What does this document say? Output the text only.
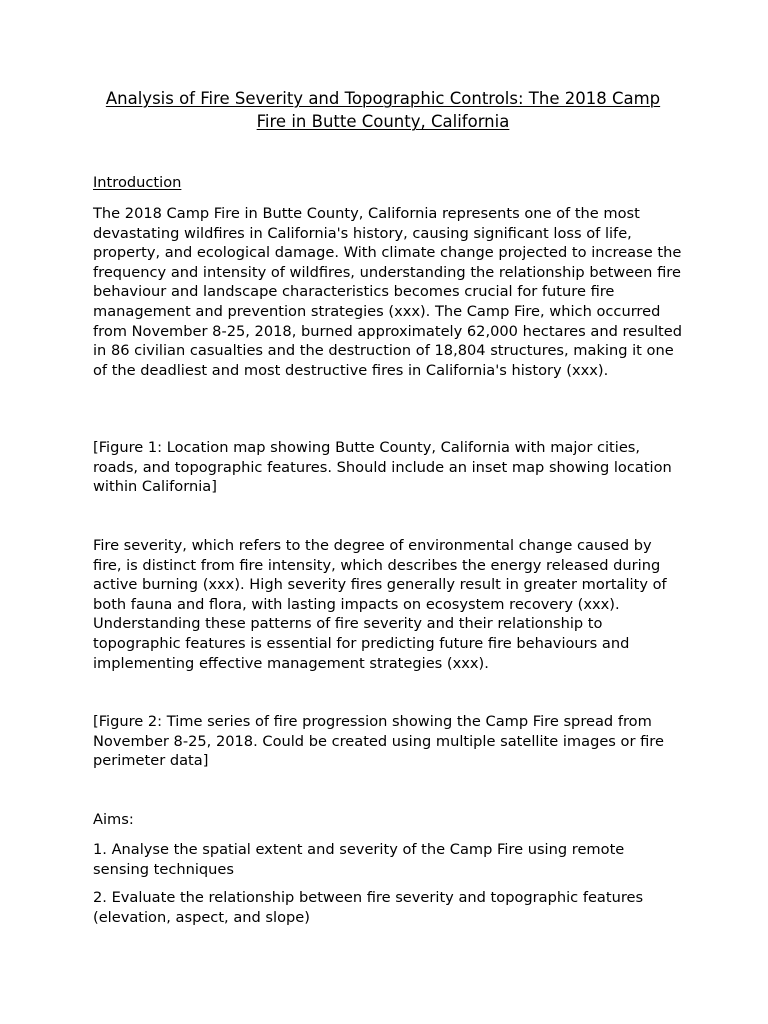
Analysis of Fire Severity and Topographic Controls: The 2018 Camp Fire in Butte County, California
Introduction

The 2018 Camp Fire in Butte County, California represents one of the most devastating wildfires in California's history, causing significant loss of life, property, and ecological damage. With climate change projected to increase the frequency and intensity of wildfires, understanding the relationship between fire behaviour and landscape characteristics becomes crucial for future fire management and prevention strategies (xxx). The Camp Fire, which occurred from November 8-25, 2018, burned approximately 62,000 hectares and resulted in 86 civilian casualties and the destruction of 18,804 structures, making it one of the deadliest and most destructive fires in California's history (xxx).

[Figure 1: Location map showing Butte County, California with major cities, roads, and topographic features. Should include an inset map showing location within California]

Fire severity, which refers to the degree of environmental change caused by fire, is distinct from fire intensity, which describes the energy released during active burning (xxx). High severity fires generally result in greater mortality of both fauna and flora, with lasting impacts on ecosystem recovery (xxx). Understanding these patterns of fire severity and their relationship to topographic features is essential for predicting future fire behaviours and implementing effective management strategies (xxx).

[Figure 2: Time series of fire progression showing the Camp Fire spread from November 8-25, 2018. Could be created using multiple satellite images or fire perimeter data]

Aims:

1. Analyse the spatial extent and severity of the Camp Fire using remote sensing techniques

2. Evaluate the relationship between fire severity and topographic features (elevation, aspect, and slope)
